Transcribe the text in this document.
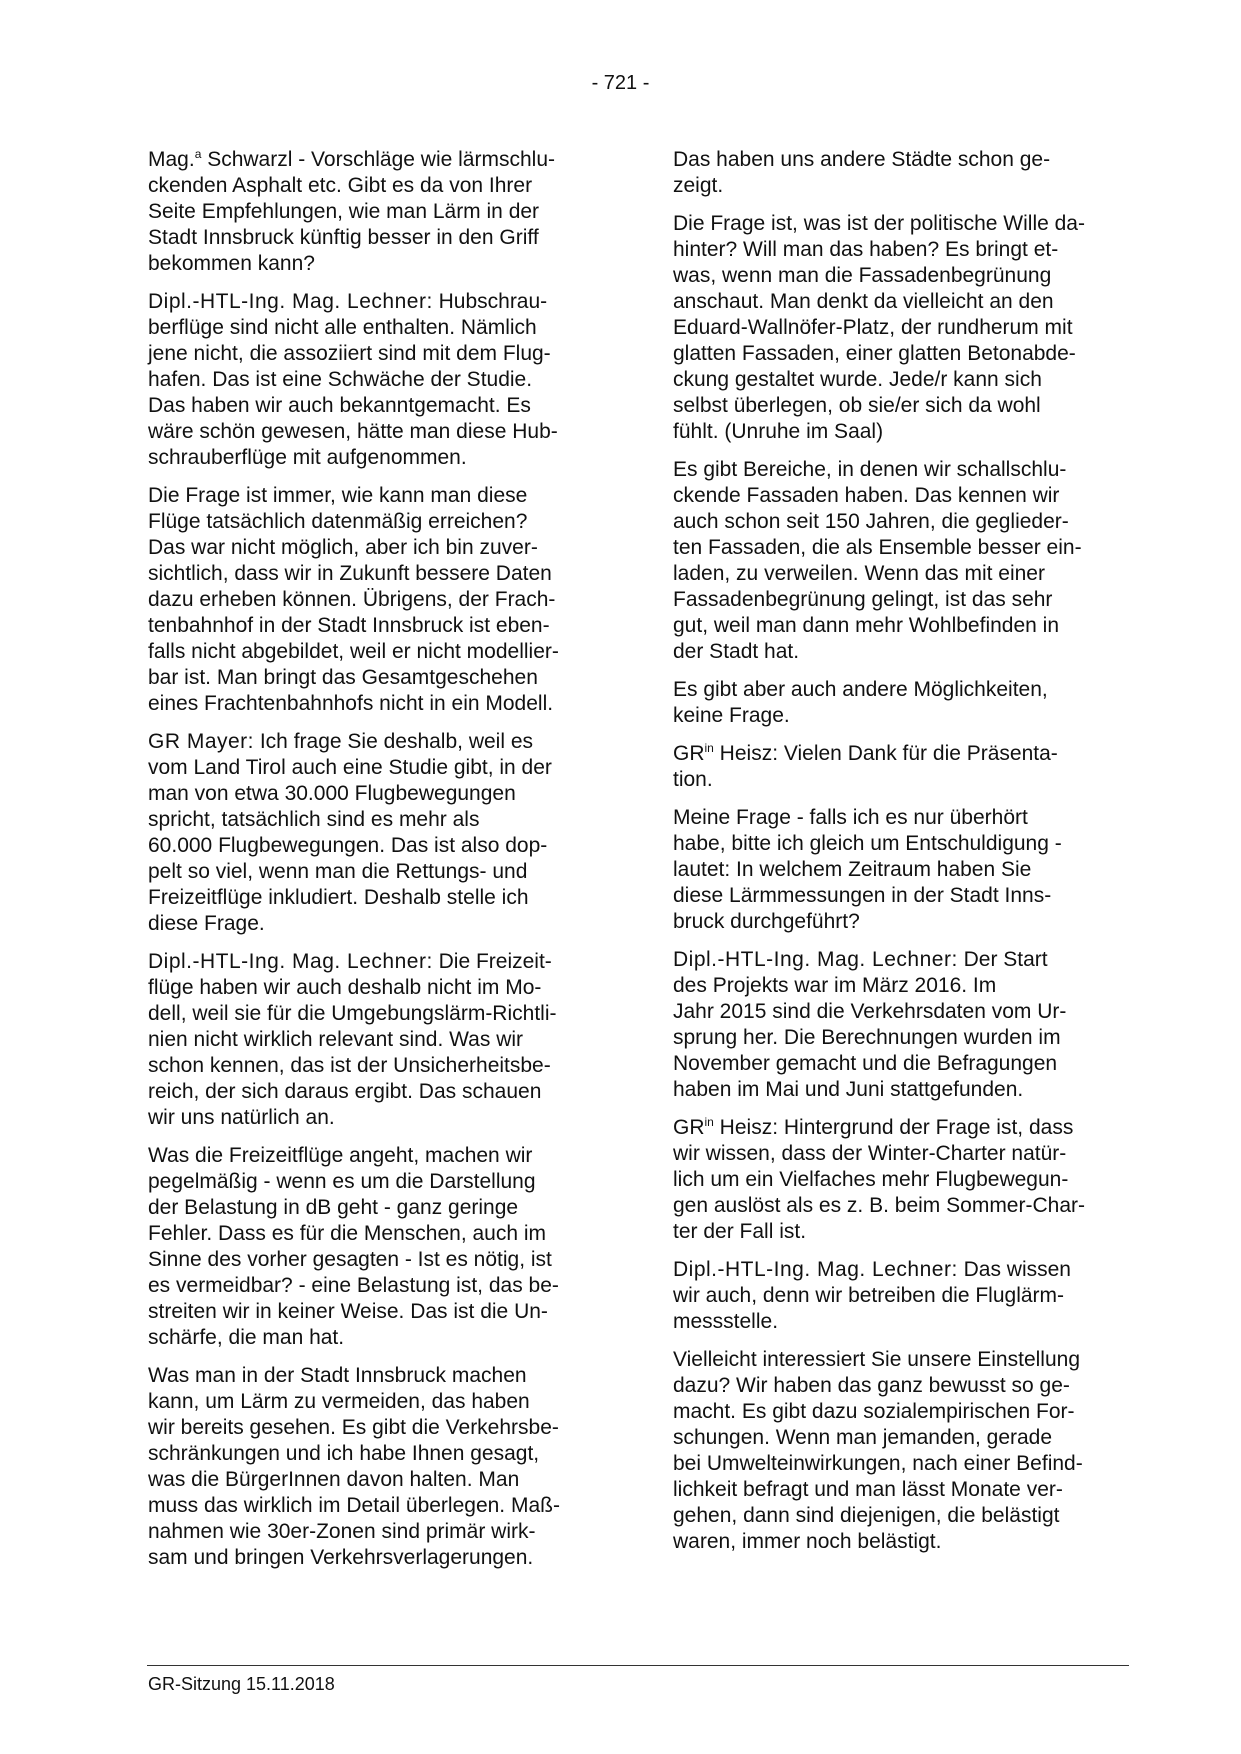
- 721 -
Mag.$^a$ Schwarzl - Vorschläge wie lärmschlu-
ckenden Asphalt etc. Gibt es da von Ihrer
Seite Empfehlungen, wie man Lärm in der
Stadt Innsbruck künftig besser in den Griff
bekommen kann?
Dipl.-HTL-Ing. Mag. Lechner: Hubschrau-
berflüge sind nicht alle enthalten. Nämlich
jene nicht, die assoziiert sind mit dem Flug-
hafen. Das ist eine Schwäche der Studie.
Das haben wir auch bekanntgemacht. Es
wäre schön gewesen, hätte man diese Hub-
schrauberflüge mit aufgenommen.
Die Frage ist immer, wie kann man diese
Flüge tatsächlich datenmäßig erreichen?
Das war nicht möglich, aber ich bin zuver-
sichtlich, dass wir in Zukunft bessere Daten
dazu erheben können. Übrigens, der Frach-
tenbahnhof in der Stadt Innsbruck ist eben-
falls nicht abgebildet, weil er nicht modellier-
bar ist. Man bringt das Gesamtgeschehen
eines Frachtenbahnhofs nicht in ein Modell.
GR Mayer: Ich frage Sie deshalb, weil es
vom Land Tirol auch eine Studie gibt, in der
man von etwa 30.000 Flugbewegungen
spricht, tatsächlich sind es mehr als
60.000 Flugbewegungen. Das ist also dop-
pelt so viel, wenn man die Rettungs- und
Freizeitflüge inkludiert. Deshalb stelle ich
diese Frage.
Dipl.-HTL-Ing. Mag. Lechner: Die Freizeit-
flüge haben wir auch deshalb nicht im Mo-
dell, weil sie für die Umgebungslärm-Richtli-
nien nicht wirklich relevant sind. Was wir
schon kennen, das ist der Unsicherheitsbe-
reich, der sich daraus ergibt. Das schauen
wir uns natürlich an.
Was die Freizeitflüge angeht, machen wir
pegelmäßig - wenn es um die Darstellung
der Belastung in dB geht - ganz geringe
Fehler. Dass es für die Menschen, auch im
Sinne des vorher gesagten - Ist es nötig, ist
es vermeidbar? - eine Belastung ist, das be-
streiten wir in keiner Weise. Das ist die Un-
schärfe, die man hat.
Was man in der Stadt Innsbruck machen
kann, um Lärm zu vermeiden, das haben
wir bereits gesehen. Es gibt die Verkehrsbe-
schränkungen und ich habe Ihnen gesagt,
was die BürgerInnen davon halten. Man
muss das wirklich im Detail überlegen. Maß-
nahmen wie 30er-Zonen sind primär wirk-
sam und bringen Verkehrsverlagerungen.
Das haben uns andere Städte schon ge-
zeigt.
Die Frage ist, was ist der politische Wille da-
hinter? Will man das haben? Es bringt et-
was, wenn man die Fassadenbegrünung
anschaut. Man denkt da vielleicht an den
Eduard-Wallnöfer-Platz, der rundherum mit
glatten Fassaden, einer glatten Betonabde-
ckung gestaltet wurde. Jede/r kann sich
selbst überlegen, ob sie/er sich da wohl
fühlt. (Unruhe im Saal)
Es gibt Bereiche, in denen wir schallschlu-
ckende Fassaden haben. Das kennen wir
auch schon seit 150 Jahren, die geglieder-
ten Fassaden, die als Ensemble besser ein-
laden, zu verweilen. Wenn das mit einer
Fassadenbegrünung gelingt, ist das sehr
gut, weil man dann mehr Wohlbefinden in
der Stadt hat.
Es gibt aber auch andere Möglichkeiten,
keine Frage.
$GR^{in}$ Heisz: Vielen Dank für die Präsenta-
tion.
Meine Frage - falls ich es nur überhört
habe, bitte ich gleich um Entschuldigung -
lautet: In welchem Zeitraum haben Sie
diese Lärmmessungen in der Stadt Inns-
bruck durchgeführt?
Dipl.-HTL-Ing. Mag. Lechner: Der Start
des Projekts war im März 2016. Im
Jahr 2015 sind die Verkehrsdaten vom Ur-
sprung her. Die Berechnungen wurden im
November gemacht und die Befragungen
haben im Mai und Juni stattgefunden.
$GR^{in}$ Heisz: Hintergrund der Frage ist, dass
wir wissen, dass der Winter-Charter natür-
lich um ein Vielfaches mehr Flugbewegun-
gen auslöst als es z. B. beim Sommer-Char-
ter der Fall ist.
Dipl.-HTL-Ing. Mag. Lechner: Das wissen
wir auch, denn wir betreiben die Fluglärm-
messstelle.
Vielleicht interessiert Sie unsere Einstellung
dazu? Wir haben das ganz bewusst so ge-
macht. Es gibt dazu sozialempirischen For-
schungen. Wenn man jemanden, gerade
bei Umwelteinwirkungen, nach einer Befind-
lichkeit befragt und man lässt Monate ver-
gehen, dann sind diejenigen, die belästigt
waren, immer noch belästigt.
GR-Sitzung 15.11.2018
